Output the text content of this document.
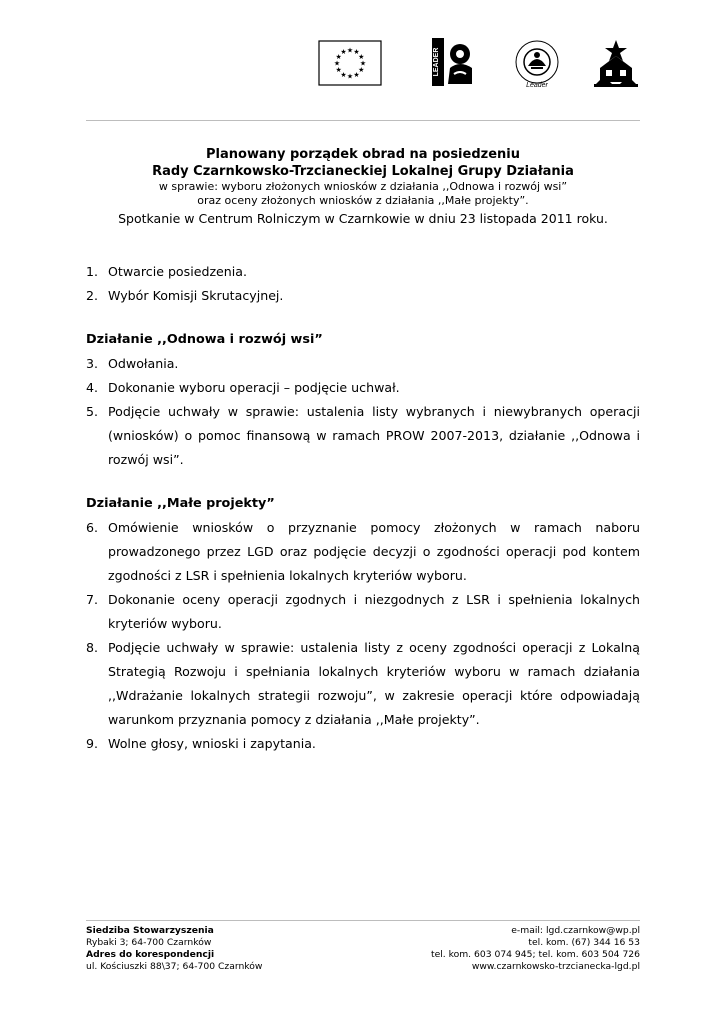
★ ★
★
★
★
★
★
★
★
★
★
★	LEADER
Leader
Planowany porządek obrad na posiedzeniu
Rady Czarnkowsko-Trzcianeckiej Lokalnej Grupy Działania
w sprawie: wyboru złożonych wniosków z działania ,,Odnowa i rozwój wsi”
oraz oceny złożonych wniosków z działania ,,Małe projekty”.
Spotkanie w Centrum Rolniczym w Czarnkowie w dniu 23 listopada 2011 roku.
1. Otwarcie posiedzenia.
2. Wybór Komisji Skrutacyjnej.
Działanie ,,Odnowa i rozwój wsi”
3. Odwołania.
4. Dokonanie wyboru operacji – podjęcie uchwał.
5. Podjęcie uchwały w sprawie: ustalenia listy wybranych i niewybranych operacji (wniosków) o pomoc finansową w ramach PROW 2007-2013, działanie ,,Odnowa i rozwój wsi”.
Działanie ,,Małe projekty”
6. Omówienie wniosków o przyznanie pomocy złożonych w ramach naboru prowadzonego przez LGD oraz podjęcie decyzji o zgodności operacji pod kontem zgodności z LSR i spełnienia lokalnych kryteriów wyboru.
7. Dokonanie oceny operacji zgodnych i niezgodnych z LSR i spełnienia lokalnych kryteriów wyboru.
8. Podjęcie uchwały w sprawie: ustalenia listy z oceny zgodności operacji z Lokalną Strategią Rozwoju i spełniania lokalnych kryteriów wyboru w ramach działania ,,Wdrażanie lokalnych strategii rozwoju”, w zakresie operacji które odpowiadają warunkom przyznania pomocy z działania ,,Małe projekty”.
9. Wolne głosy, wnioski i zapytania.
Siedziba Stowarzyszenia
Rybaki 3; 64-700 Czarnków
Adres do korespondencji
ul. Kościuszki 88\37; 64-700 Czarnków
e-mail: lgd.czarnkow@wp.pl
tel. kom. (67) 344 16 53
tel. kom. 603 074 945; tel. kom. 603 504 726
www.czarnkowsko-trzcianecka-lgd.pl
